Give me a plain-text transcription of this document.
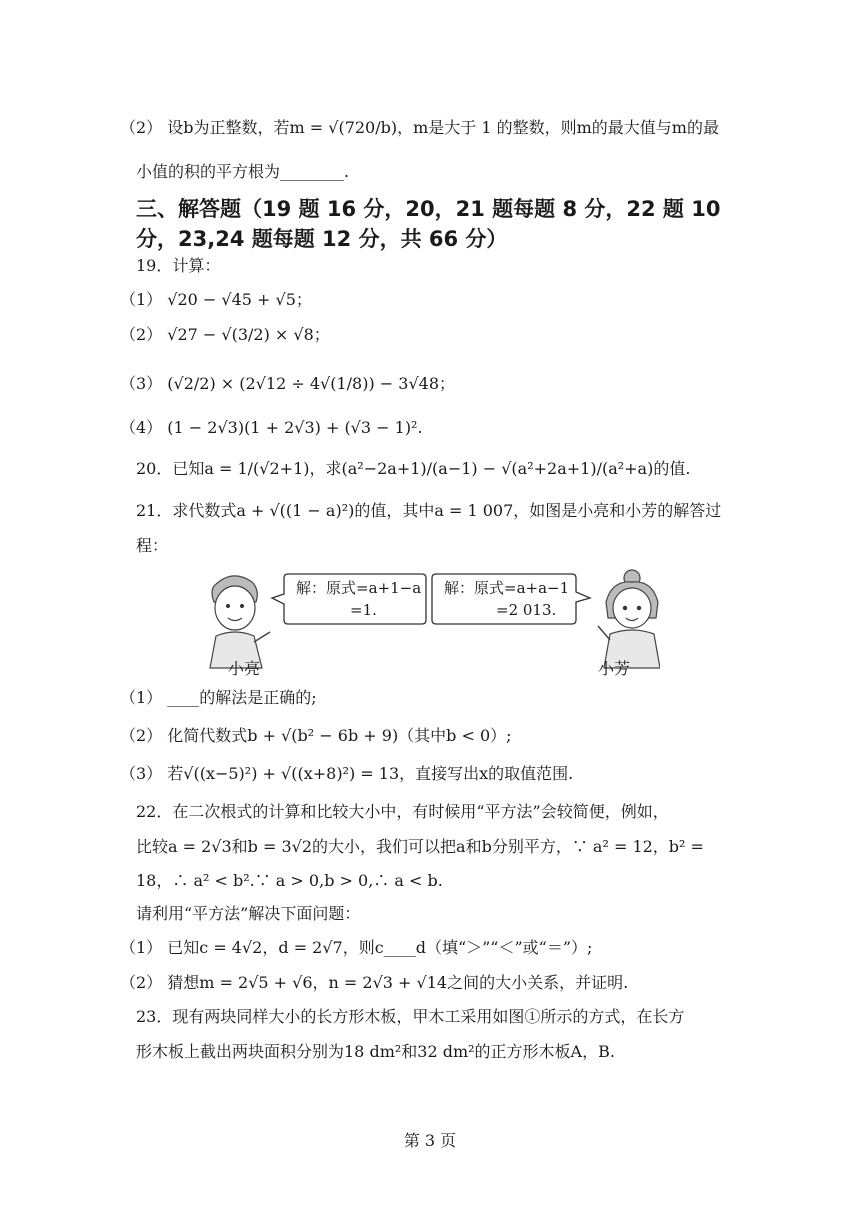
（2） 设b为正整数，若m = √(720/b)，m是大于 1 的整数，则m的最大值与m的最
小值的积的平方根为________.
三、解答题（19 题 16 分，20，21 题每题 8 分，22 题 10
分，23,24 题每题 12 分，共 66 分）
19．计算：
（1） √20 − √45 + √5；
（2） √27 − √(3/2) × √8；
（3） (√2/2) × (2√12 ÷ 4√(1/8)) − 3√48；
（4） (1 − 2√3)(1 + 2√3) + (√3 − 1)².
20．已知a = 1/(√2+1)，求(a²−2a+1)/(a−1) − √(a²+2a+1)/(a²+a)的值.
21．求代数式a + √((1 − a)²)的值，其中a = 1 007，如图是小亮和小芳的解答过
程：
解：原式=a+1−a
=1.
解：原式=a+a−1
=2 013.
小亮	小芳
（1） ____的解法是正确的;
（2） 化简代数式b + √(b² − 6b + 9)（其中b < 0）;
（3） 若√((x−5)²) + √((x+8)²) = 13，直接写出x的取值范围.
22．在二次根式的计算和比较大小中，有时候用“平方法”会较简便，例如，
比较a = 2√3和b = 3√2的大小，我们可以把a和b分别平方，∵ a² = 12，b² =
18，∴ a² < b².∵ a > 0,b > 0,∴ a < b.
请利用“平方法”解决下面问题：
（1） 已知c = 4√2，d = 2√7，则c____d（填“＞”“＜”或“＝”）;
（2） 猜想m = 2√5 + √6，n = 2√3 + √14之间的大小关系，并证明.
23．现有两块同样大小的长方形木板，甲木工采用如图①所示的方式，在长方
形木板上截出两块面积分别为18 dm²和32 dm²的正方形木板A，B.
第 3 页
